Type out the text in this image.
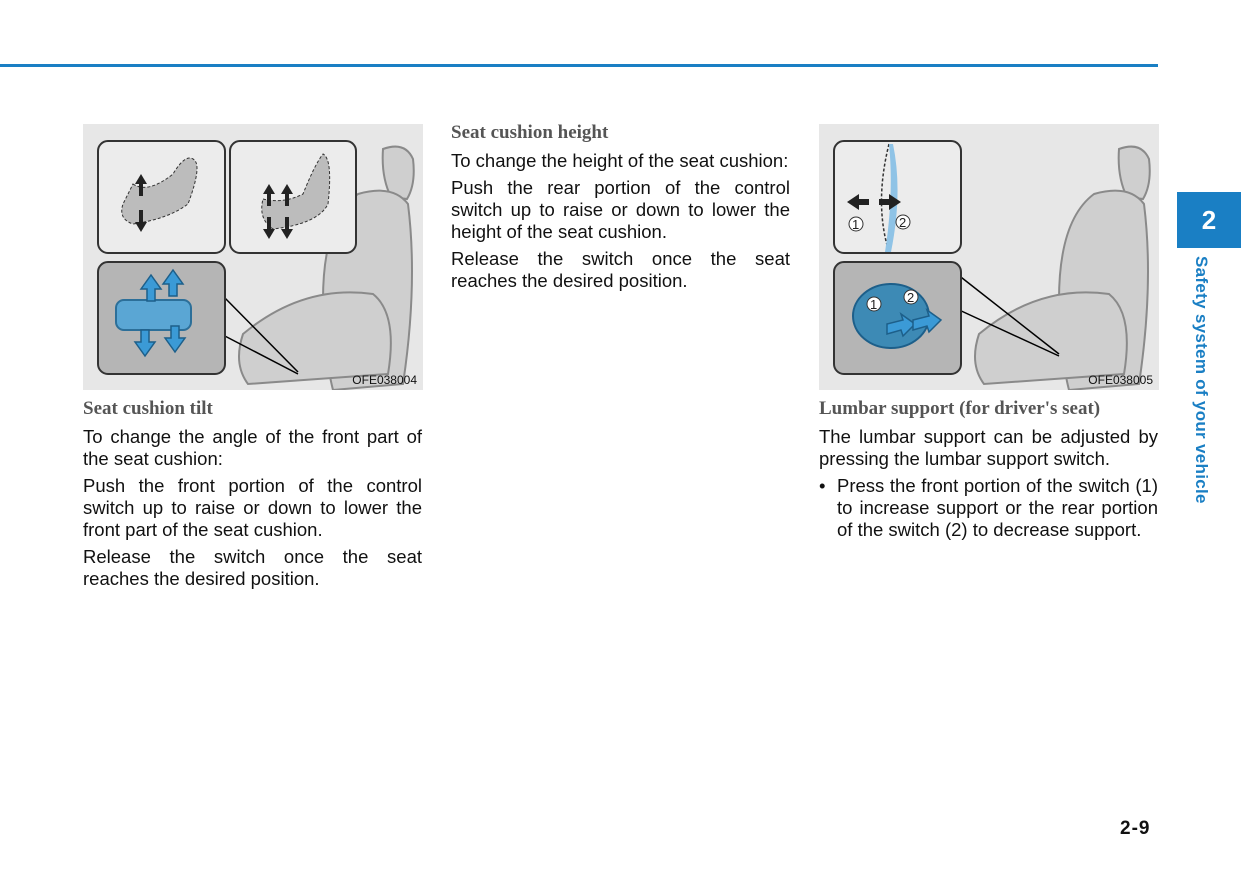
2
Safety system of your vehicle
OFE038004
Seat cushion tilt

To change the angle of the front part of the seat cushion:

Push the front portion of the control switch up to raise or down to lower the front part of the seat cushion.

Release the switch once the seat reaches the desired position.

Seat cushion height

To change the height of the seat cushion:

Push the rear portion of the control switch up to raise or down to lower the height of the seat cushion.

Release the switch once the seat reaches the desired position.

1	2
1 2
OFE038005
Lumbar support (for driver's seat)

The lumbar support can be adjusted by pressing the lumbar support switch.

• Press the front portion of the switch (1) to increase support or the rear portion of the switch (2) to decrease support.
2-9
